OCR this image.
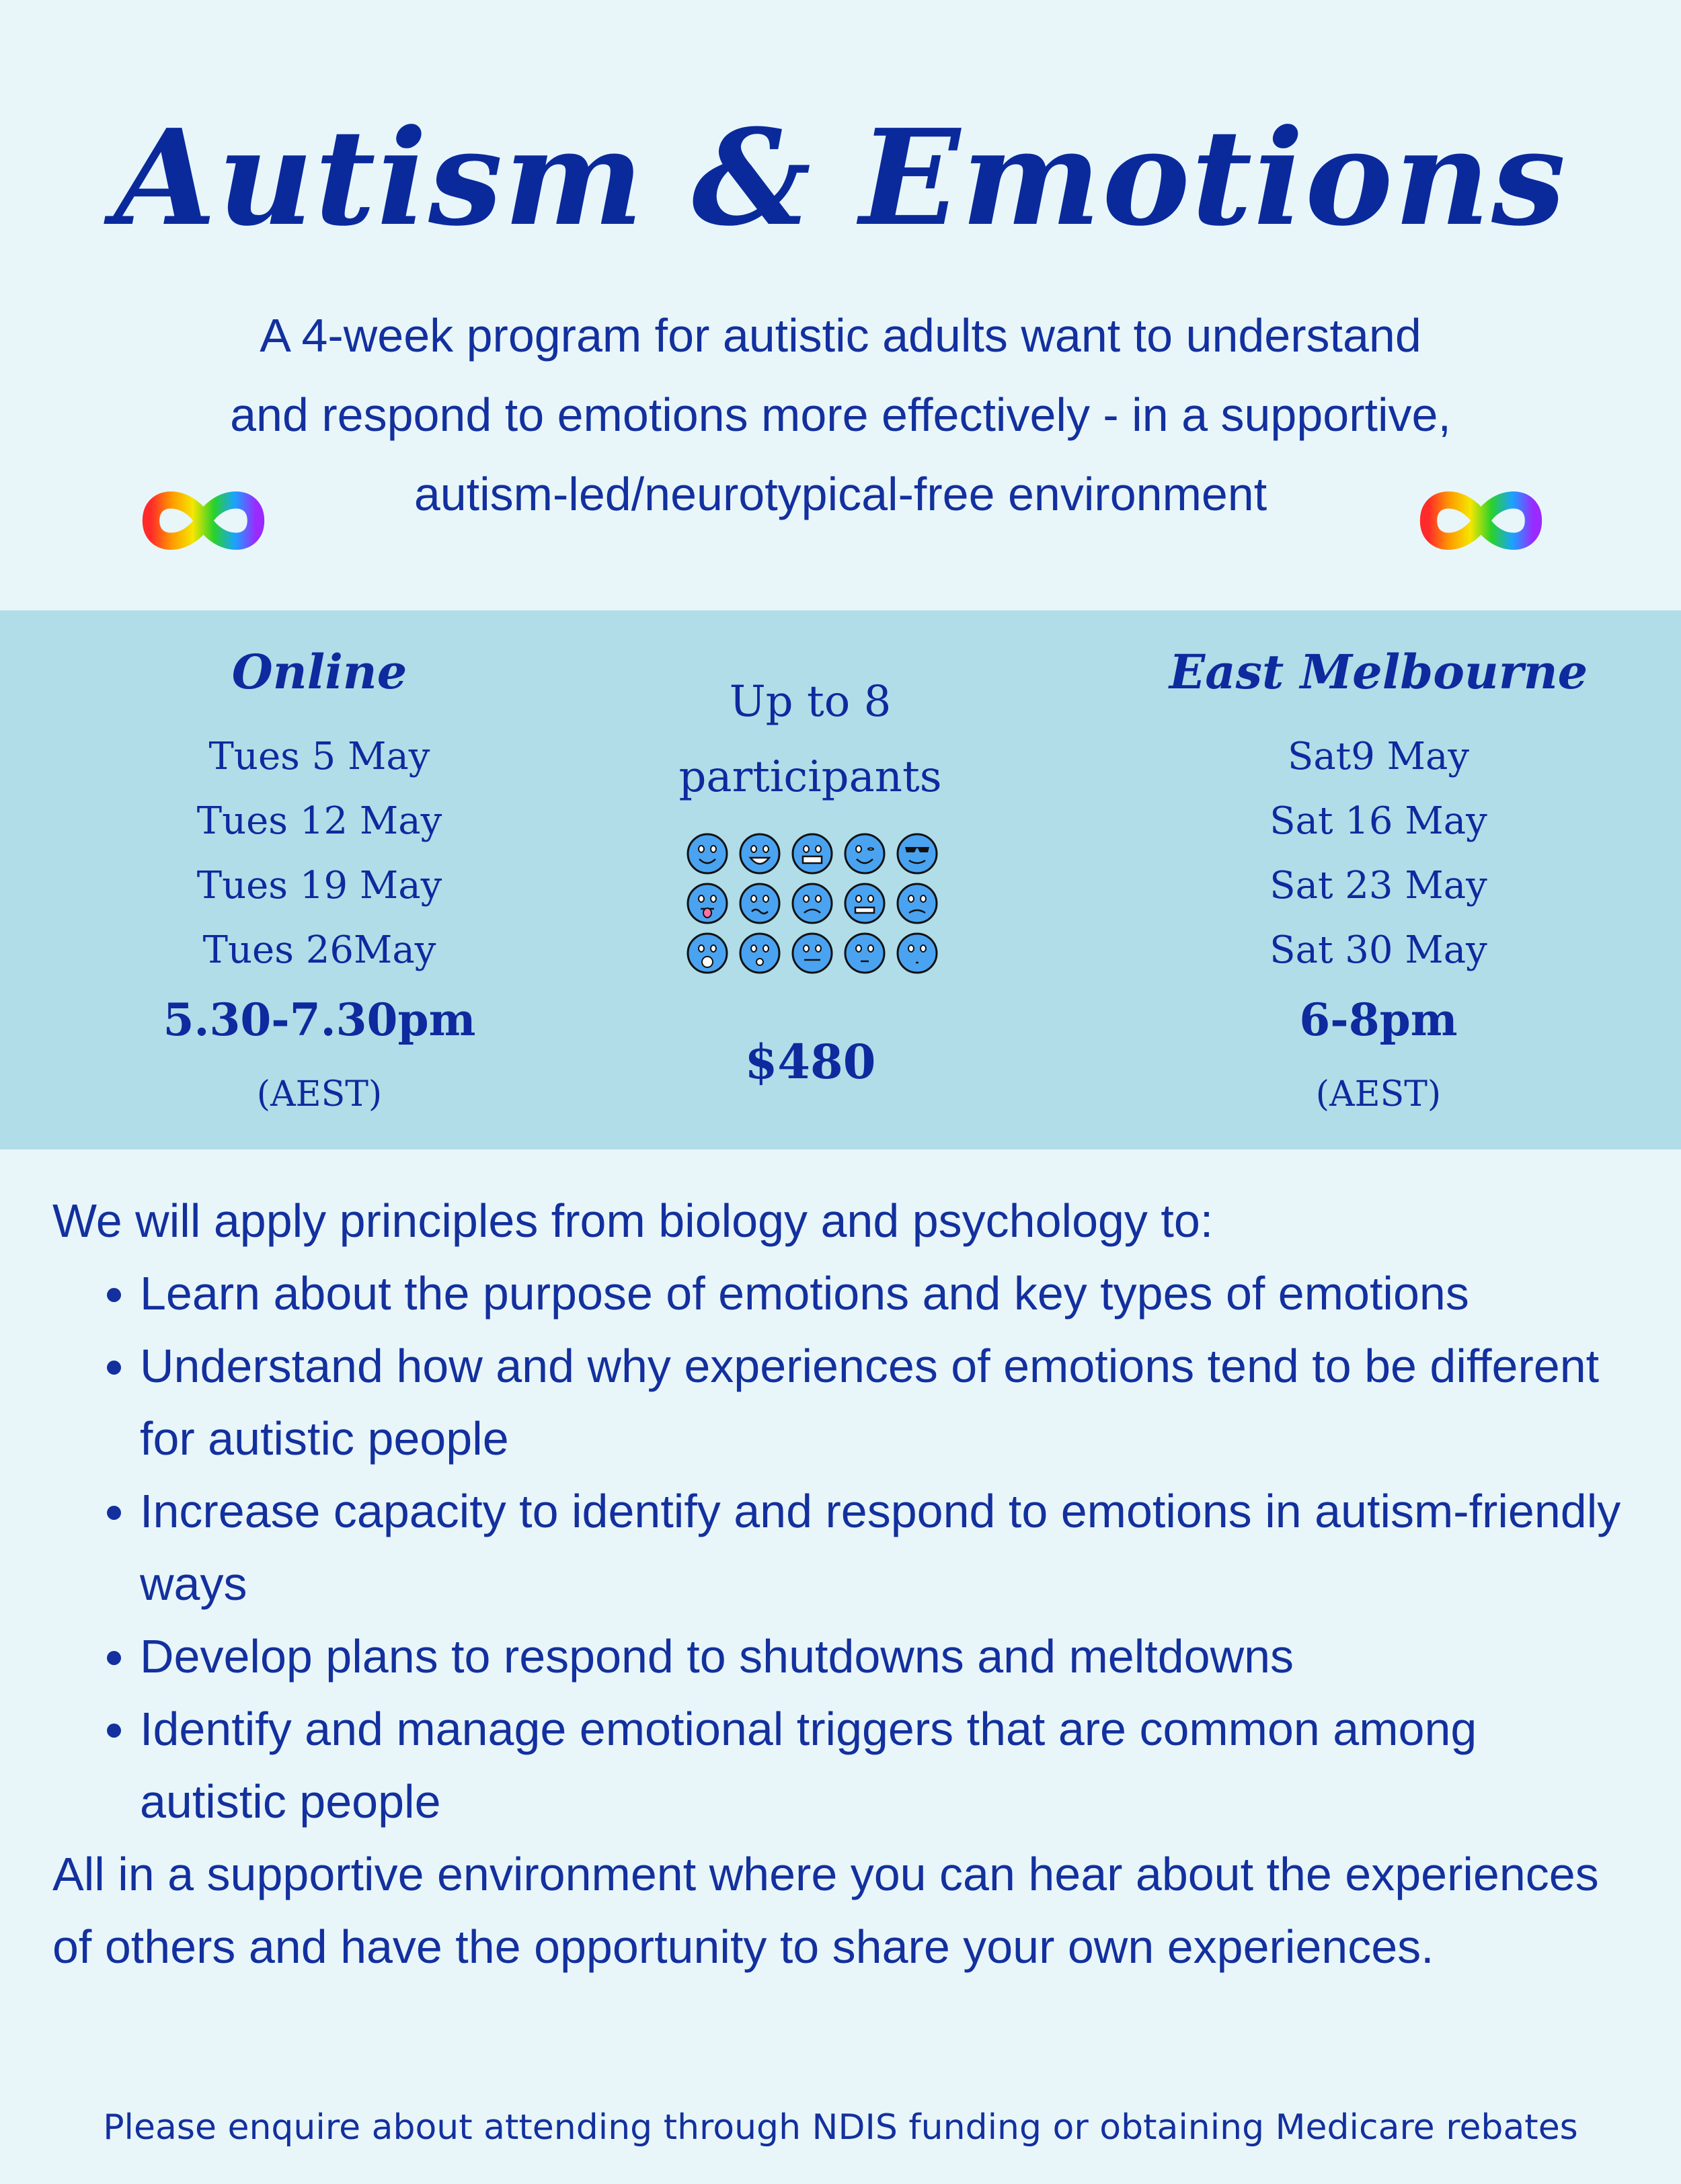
Autism & Emotions
A 4-week program for autistic adults want to understand
and respond to emotions more effectively - in a supportive,
autism-led/neurotypical-free environment
Online
Tues 5 May
Tues 12 May
Tues 19 May
Tues 26May
5.30-7.30pm
(AEST)
Up to 8
participants
$480
East Melbourne
Sat9 May
Sat 16 May
Sat 23 May
Sat 30 May
6-8pm
(AEST)
We will apply principles from biology and psychology to:
• Learn about the purpose of emotions and key types of emotions
• Understand how and why experiences of emotions tend to be different for autistic people
• Increase capacity to identify and respond to emotions in autism-friendly ways
• Develop plans to respond to shutdowns and meltdowns
• Identify and manage emotional triggers that are common among autistic people
All in a supportive environment where you can hear about the experiences of others and have the opportunity to share your own experiences.
Please enquire about attending through NDIS funding or obtaining Medicare rebates
